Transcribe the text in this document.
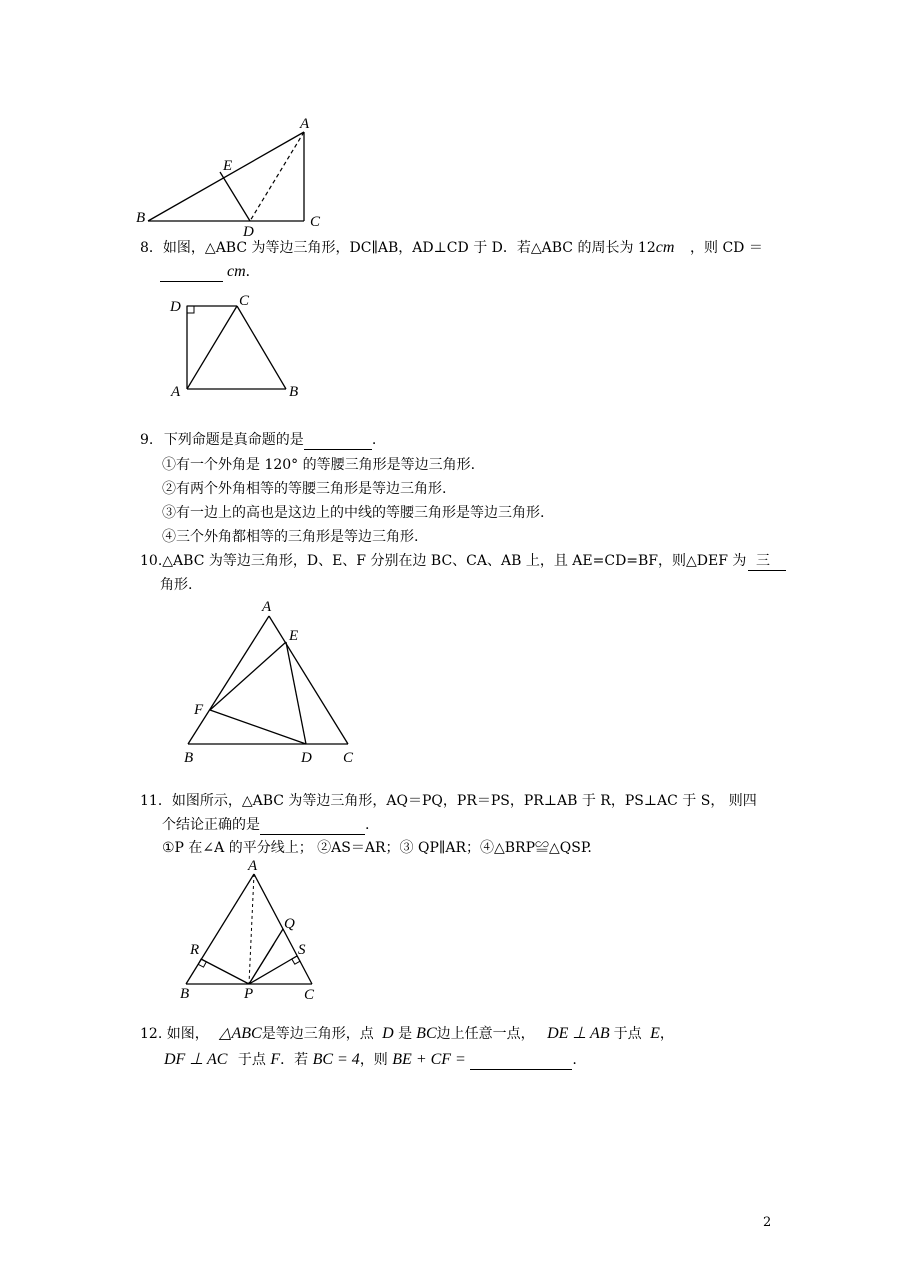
A
B	C
D
E
8．如图，△ABC 为等边三角形，DC∥AB，AD⊥CD 于 D．若△ABC 的周长为 12cm ，则 CD ＝
cm．
D	C
A	B
9. 下列命题是真命题的是	.
①有一个外角是 120° 的等腰三角形是等边三角形.
②有两个外角相等的等腰三角形是等边三角形.
③有一边上的高也是这边上的中线的等腰三角形是等边三角形.
④三个外角都相等的三角形是等边三角形.
10.△ABC 为等边三角形，D、E、F 分别在边 BC、CA、AB 上，且 AE=CD=BF，则△DEF 为 三
角形.
A
E
F
B	D C
11．如图所示，△ABC 为等边三角形，AQ＝PQ，PR＝PS，PR⊥AB 于 R，PS⊥AC 于 S， 则四
个结论正确的是	.
①P 在∠A 的平分线上； ②AS＝AR；③ QP∥AR；④△BRP≌△QSP.
A
Q
R	S
B	P	C
12. 如图， △ABC是等边三角形，点 D 是 BC边上任意一点， DE ⊥ AB 于点 E，
DF ⊥ AC 于点 F．若 BC = 4，则 BE + CF =	.
2
